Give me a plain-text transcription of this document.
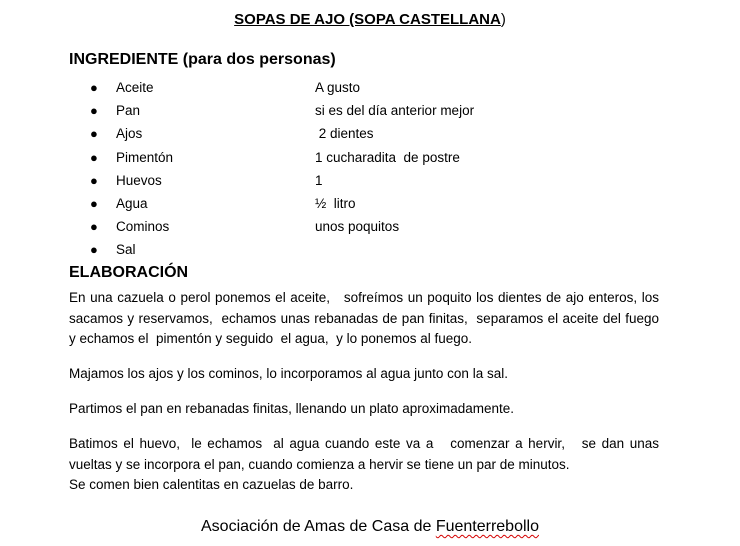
SOPAS DE AJO (SOPA CASTELLANA)
INGREDIENTE (para dos personas)
● Aceite	A gusto
● Pan	si es del día anterior mejor
● Ajos	2 dientes
● Pimentón	1 cucharadita  de postre
● Huevos	1
● Agua	½  litro
● Cominos	unos poquitos
● Sal
ELABORACIÓN

En una cazuela o perol ponemos el aceite,   sofreímos un poquito los dientes de ajo enteros, los sacamos y reservamos,  echamos unas rebanadas de pan finitas,  separamos el aceite del fuego  y echamos el  pimentón y seguido  el agua,  y lo ponemos al fuego.

Majamos los ajos y los cominos, lo incorporamos al agua junto con la sal.

Partimos el pan en rebanadas finitas, llenando un plato aproximadamente.

Batimos el huevo,  le echamos  al agua cuando este va a   comenzar a hervir,   se dan unas vueltas y se incorpora el pan, cuando comienza a hervir se tiene un par de minutos.

Se comen bien calentitas en cazuelas de barro.

Asociación de Amas de Casa de Fuenterrebollo
